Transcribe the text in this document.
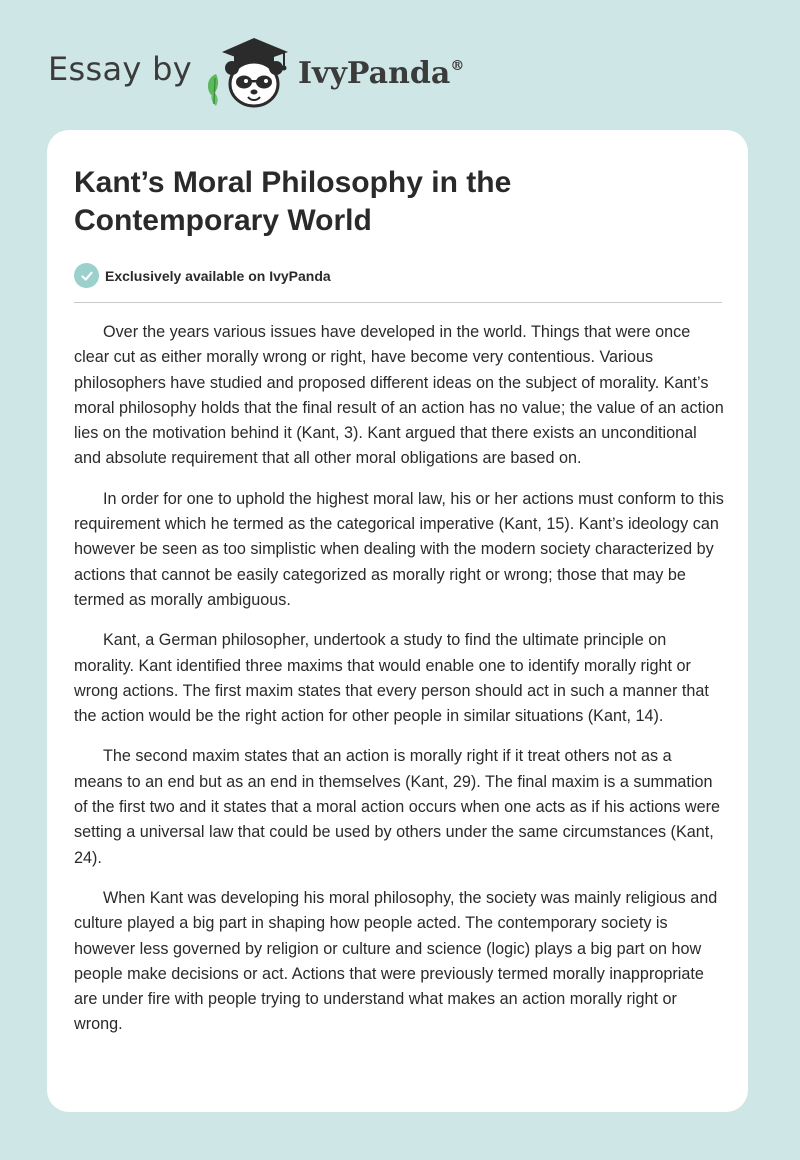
Essay by	IvyPanda®
Kant’s Moral Philosophy in the Contemporary World
Exclusively available on IvyPanda

Over the years various issues have developed in the world. Things that were once clear cut as either morally wrong or right, have become very contentious. Various philosophers have studied and proposed different ideas on the subject of morality. Kant’s moral philosophy holds that the final result of an action has no value; the value of an action lies on the motivation behind it (Kant, 3). Kant argued that there exists an unconditional and absolute requirement that all other moral obligations are based on.

In order for one to uphold the highest moral law, his or her actions must conform to this requirement which he termed as the categorical imperative (Kant, 15). Kant’s ideology can however be seen as too simplistic when dealing with the modern society characterized by actions that cannot be easily categorized as morally right or wrong; those that may be termed as morally ambiguous.

Kant, a German philosopher, undertook a study to find the ultimate principle on morality. Kant identified three maxims that would enable one to identify morally right or wrong actions. The first maxim states that every person should act in such a manner that the action would be the right action for other people in similar situations (Kant, 14).

The second maxim states that an action is morally right if it treat others not as a means to an end but as an end in themselves (Kant, 29). The final maxim is a summation of the first two and it states that a moral action occurs when one acts as if his actions were setting a universal law that could be used by others under the same circumstances (Kant, 24).

When Kant was developing his moral philosophy, the society was mainly religious and culture played a big part in shaping how people acted. The contemporary society is however less governed by religion or culture and science (logic) plays a big part on how people make decisions or act. Actions that were previously termed morally inappropriate are under fire with people trying to understand what makes an action morally right or wrong.
